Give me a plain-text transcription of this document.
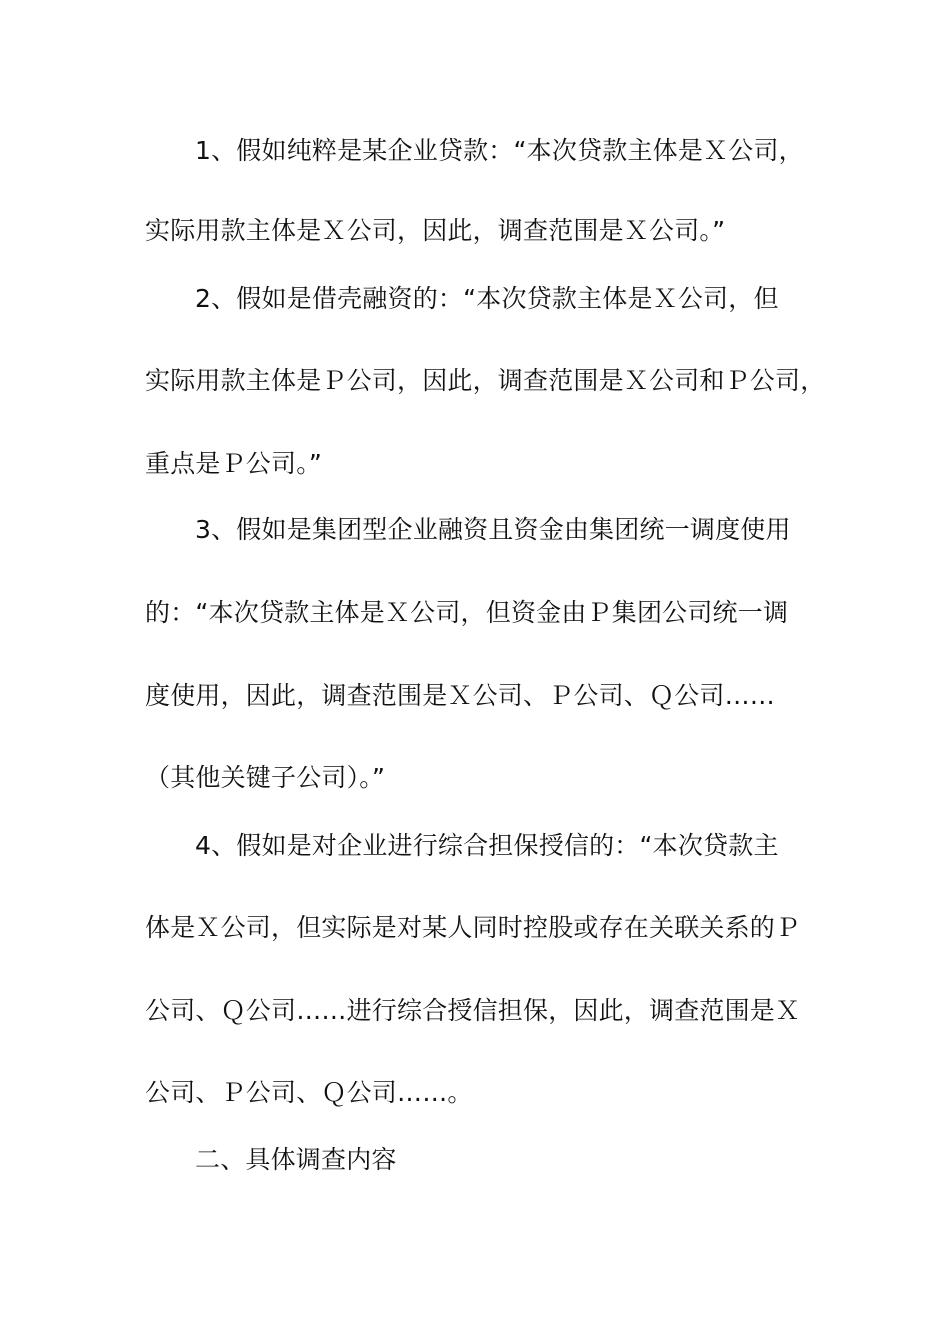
1、假如纯粹是某企业贷款：“本次贷款主体是Ｘ公司，
实际用款主体是Ｘ公司，因此，调查范围是Ｘ公司。”
2、假如是借壳融资的：“本次贷款主体是Ｘ公司，但
实际用款主体是Ｐ公司，因此，调查范围是Ｘ公司和Ｐ公司，
重点是Ｐ公司。”
3、假如是集团型企业融资且资金由集团统一调度使用
的：“本次贷款主体是Ｘ公司，但资金由Ｐ集团公司统一调
度使用，因此，调查范围是Ｘ公司、Ｐ公司、Ｑ公司……
（其他关键子公司）。”
4、假如是对企业进行综合担保授信的：“本次贷款主
体是Ｘ公司，但实际是对某人同时控股或存在关联关系的Ｐ
公司、Ｑ公司……进行综合授信担保，因此，调查范围是Ｘ
公司、Ｐ公司、Ｑ公司……。
二、具体调查内容
